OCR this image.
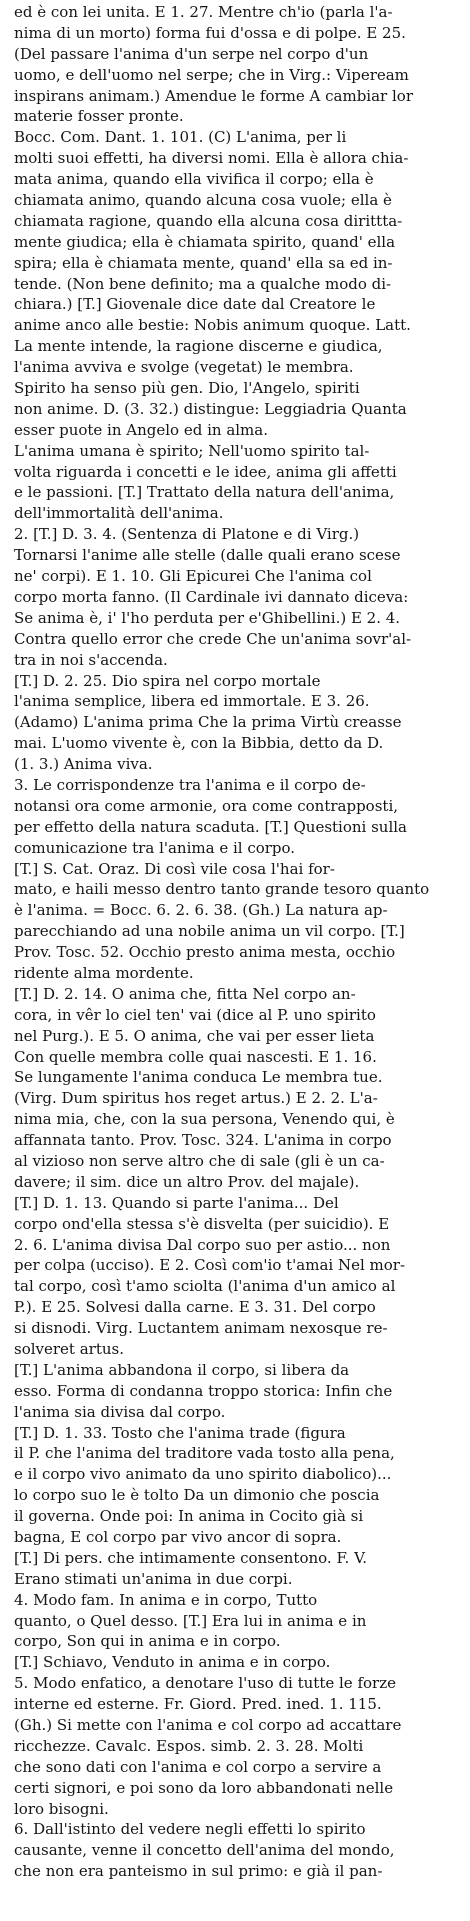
ed è con lei unita. E 1. 27. Mentre ch'io (parla l'a-
nima di un morto) forma fui d'ossa e di polpe. E 25.
(Del passare l'anima d'un serpe nel corpo d'un
uomo, e dell'uomo nel serpe; che in Virg.: Vipeream
inspirans animam.) Amendue le forme A cambiar lor
materie fosser pronte.
Bocc. Com. Dant. 1. 101. (C) L'anima, per li
molti suoi effetti, ha diversi nomi. Ella è allora chia-
mata anima, quando ella vivifica il corpo; ella è
chiamata animo, quando alcuna cosa vuole; ella è
chiamata ragione, quando ella alcuna cosa dirittta-
mente giudica; ella è chiamata spirito, quand' ella
spira; ella è chiamata mente, quand' ella sa ed in-
tende. (Non bene definito; ma a qualche modo di-
chiara.) [T.] Giovenale dice date dal Creatore le
anime anco alle bestie: Nobis animum quoque. Latt.
La mente intende, la ragione discerne e giudica,
l'anima avviva e svolge (vegetat) le membra.
Spirito ha senso più gen. Dio, l'Angelo, spiriti
non anime. D. (3. 32.) distingue: Leggiadria Quanta
esser puote in Angelo ed in alma.
L'anima umana è spirito; Nell'uomo spirito tal-
volta riguarda i concetti e le idee, anima gli affetti
e le passioni. [T.] Trattato della natura dell'anima,
dell'immortalità dell'anima.
2. [T.] D. 3. 4. (Sentenza di Platone e di Virg.)
Tornarsi l'anime alle stelle (dalle quali erano scese
ne' corpi). E 1. 10. Gli Epicurei Che l'anima col
corpo morta fanno. (Il Cardinale ivi dannato diceva:
Se anima è, i' l'ho perduta per e'Ghibellini.) E 2. 4.
Contra quello error che crede Che un'anima sovr'al-
tra in noi s'accenda.
[T.] D. 2. 25. Dio spira nel corpo mortale
l'anima semplice, libera ed immortale. E 3. 26.
(Adamo) L'anima prima Che la prima Virtù creasse
mai. L'uomo vivente è, con la Bibbia, detto da D.
(1. 3.) Anima viva.
3. Le corrispondenze tra l'anima e il corpo de-
notansi ora come armonie, ora come contrapposti,
per effetto della natura scaduta. [T.] Questioni sulla
comunicazione tra l'anima e il corpo.
[T.] S. Cat. Oraz. Di così vile cosa l'hai for-
mato, e haili messo dentro tanto grande tesoro quanto
è l'anima. = Bocc. 6. 2. 6. 38. (Gh.) La natura ap-
parecchiando ad una nobile anima un vil corpo. [T.]
Prov. Tosc. 52. Occhio presto anima mesta, occhio
ridente alma mordente.
[T.] D. 2. 14. O anima che, fitta Nel corpo an-
cora, in vêr lo ciel ten' vai (dice al P. uno spirito
nel Purg.). E 5. O anima, che vai per esser lieta
Con quelle membra colle quai nascesti. E 1. 16.
Se lungamente l'anima conduca Le membra tue.
(Virg. Dum spiritus hos reget artus.) E 2. 2. L'a-
nima mia, che, con la sua persona, Venendo qui, è
affannata tanto. Prov. Tosc. 324. L'anima in corpo
al vizioso non serve altro che di sale (gli è un ca-
davere; il sim. dice un altro Prov. del majale).
[T.] D. 1. 13. Quando si parte l'anima... Del
corpo ond'ella stessa s'è disvelta (per suicidio). E
2. 6. L'anima divisa Dal corpo suo per astio... non
per colpa (ucciso). E 2. Così com'io t'amai Nel mor-
tal corpo, così t'amo sciolta (l'anima d'un amico al
P.). E 25. Solvesi dalla carne. E 3. 31. Del corpo
si disnodi. Virg. Luctantem animam nexosque re-
solveret artus.
[T.] L'anima abbandona il corpo, si libera da
esso. Forma di condanna troppo storica: Infin che
l'anima sia divisa dal corpo.
[T.] D. 1. 33. Tosto che l'anima trade (figura
il P. che l'anima del traditore vada tosto alla pena,
e il corpo vivo animato da uno spirito diabolico)...
lo corpo suo le è tolto Da un dimonio che poscia
il governa. Onde poi: In anima in Cocito già si
bagna, E col corpo par vivo ancor di sopra.
[T.] Di pers. che intimamente consentono. F. V.
Erano stimati un'anima in due corpi.
4. Modo fam. In anima e in corpo, Tutto
quanto, o Quel desso. [T.] Era lui in anima e in
corpo, Son qui in anima e in corpo.
[T.] Schiavo, Venduto in anima e in corpo.
5. Modo enfatico, a denotare l'uso di tutte le forze
interne ed esterne. Fr. Giord. Pred. ined. 1. 115.
(Gh.) Si mette con l'anima e col corpo ad accattare
ricchezze. Cavalc. Espos. simb. 2. 3. 28. Molti
che sono dati con l'anima e col corpo a servire a
certi signori, e poi sono da loro abbandonati nelle
loro bisogni.
6. Dall'istinto del vedere negli effetti lo spirito
causante, venne il concetto dell'anima del mondo,
che non era panteismo in sul primo: e già il pan-
